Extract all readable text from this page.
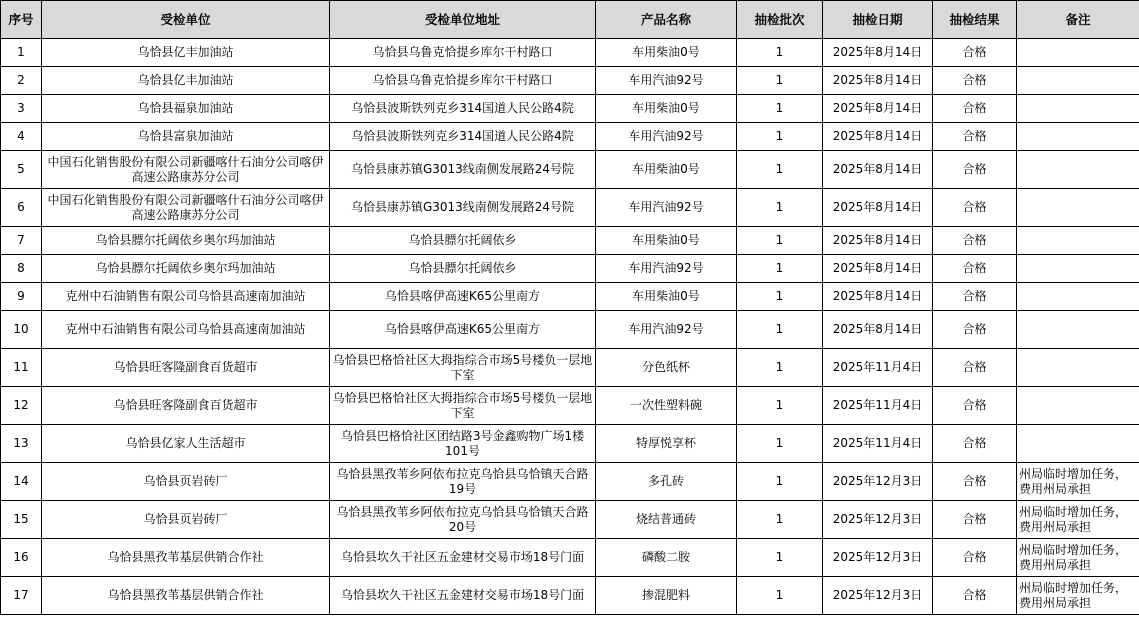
序号	受检单位	受检单位地址	产品名称	抽检批次	抽检日期	抽检结果	备注
1	乌恰县亿丰加油站	乌恰县乌鲁克恰提乡库尔干村路口	车用柴油0号	1	2025年8月14日	合格	
2	乌恰县亿丰加油站	乌恰县乌鲁克恰提乡库尔干村路口	车用汽油92号	1	2025年8月14日	合格	
3	乌恰县福泉加油站	乌恰县波斯铁列克乡314国道人民公路4院	车用柴油0号	1	2025年8月14日	合格	
4	乌恰县富泉加油站	乌恰县波斯铁列克乡314国道人民公路4院	车用汽油92号	1	2025年8月14日	合格	
5	中国石化销售股份有限公司新疆喀什石油分公司喀伊高速公路康苏分公司	乌恰县康苏镇G3013线南侧发展路24号院	车用柴油0号	1	2025年8月14日	合格	
6	中国石化销售股份有限公司新疆喀什石油分公司喀伊高速公路康苏分公司	乌恰县康苏镇G3013线南侧发展路24号院	车用汽油92号	1	2025年8月14日	合格	
7	乌恰县膘尔托阔依乡奥尔玛加油站	乌恰县膘尔托阔依乡	车用柴油0号	1	2025年8月14日	合格	
8	乌恰县膘尔托阔依乡奥尔玛加油站	乌恰县膘尔托阔依乡	车用汽油92号	1	2025年8月14日	合格	
9	克州中石油销售有限公司乌恰县高速南加油站	乌恰县喀伊高速K65公里南方	车用柴油0号	1	2025年8月14日	合格	
10	克州中石油销售有限公司乌恰县高速南加油站	乌恰县喀伊高速K65公里南方	车用汽油92号	1	2025年8月14日	合格	
11	乌恰县旺客隆副食百货超市	乌恰县巴格恰社区大拇指综合市场5号楼负一层地下室	分色纸杯	1	2025年11月4日	合格	
12	乌恰县旺客隆副食百货超市	乌恰县巴格恰社区大拇指综合市场5号楼负一层地下室	一次性塑料碗	1	2025年11月4日	合格	
13	乌恰县亿家人生活超市	乌恰县巴格恰社区团结路3号金鑫购物广场1楼101号	特厚悦享杯	1	2025年11月4日	合格	
14	乌恰县页岩砖厂	乌恰县黑孜苇乡阿依布拉克乌恰县乌恰镇天合路19号	多孔砖	1	2025年12月3日	合格	州局临时增加任务，费用州局承担
15	乌恰县页岩砖厂	乌恰县黑孜苇乡阿依布拉克乌恰县乌恰镇天合路20号	烧结普通砖	1	2025年12月3日	合格	州局临时增加任务，费用州局承担
16	乌恰县黑孜苇基层供销合作社	乌恰县坎久干社区五金建材交易市场18号门面	磷酸二胺	1	2025年12月3日	合格	州局临时增加任务，费用州局承担
17	乌恰县黑孜苇基层供销合作社	乌恰县坎久干社区五金建材交易市场18号门面	掺混肥料	1	2025年12月3日	合格	州局临时增加任务，费用州局承担
